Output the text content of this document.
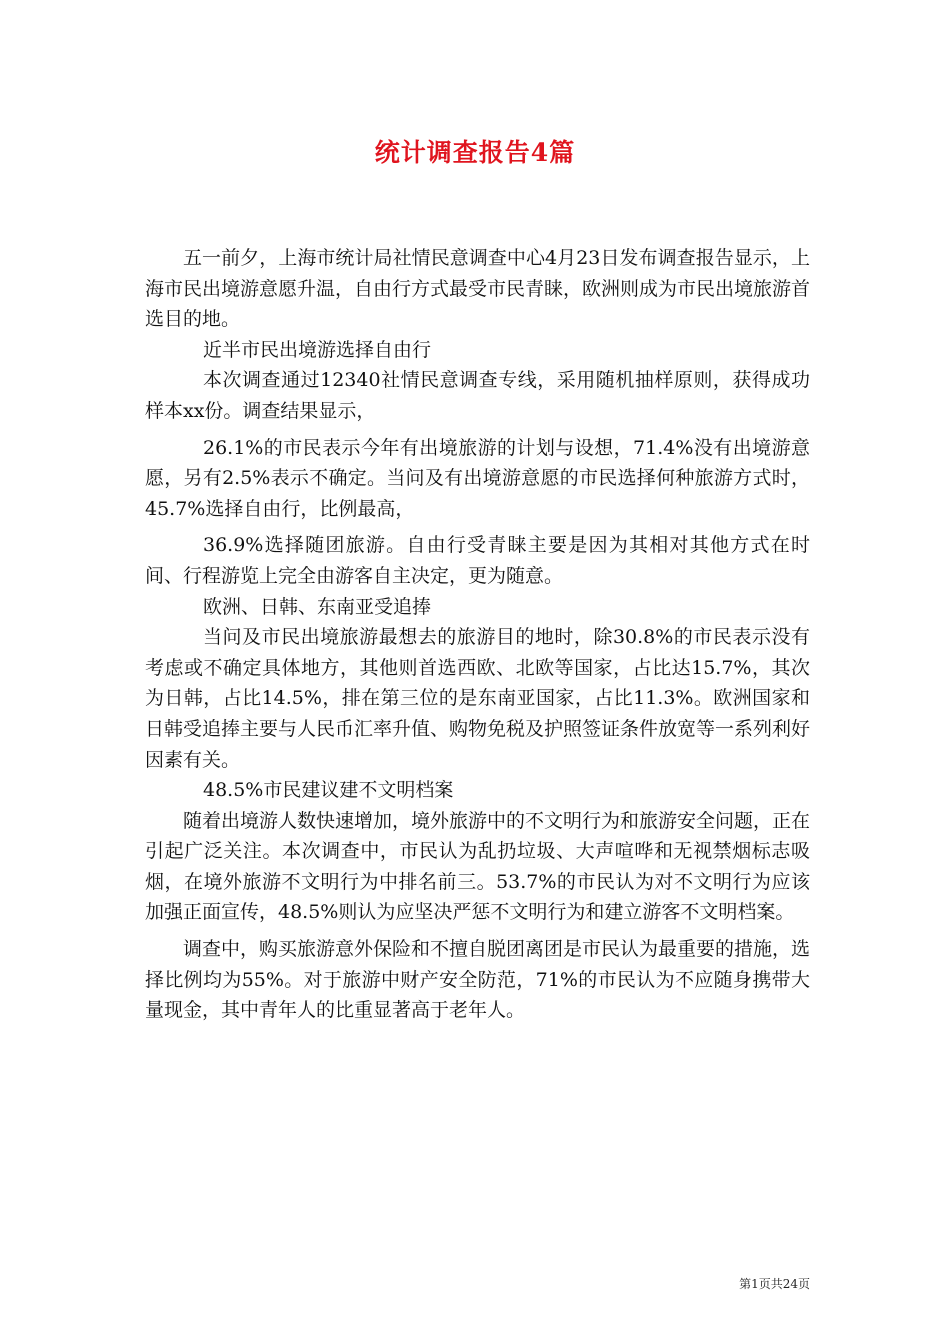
统计调查报告4篇

五一前夕，上海市统计局社情民意调查中心4月23日发布调查报告显示，上海市民出境游意愿升温，自由行方式最受市民青睐，欧洲则成为市民出境旅游首选目的地。

近半市民出境游选择自由行

本次调查通过12340社情民意调查专线，采用随机抽样原则，获得成功样本xx份。调查结果显示，

26.1%的市民表示今年有出境旅游的计划与设想，71.4%没有出境游意愿，另有2.5%表示不确定。当问及有出境游意愿的市民选择何种旅游方式时，45.7%选择自由行，比例最高，

36.9%选择随团旅游。自由行受青睐主要是因为其相对其他方式在时间、行程游览上完全由游客自主决定，更为随意。

欧洲、日韩、东南亚受追捧

当问及市民出境旅游最想去的旅游目的地时，除30.8%的市民表示没有考虑或不确定具体地方，其他则首选西欧、北欧等国家，占比达15.7%，其次为日韩，占比14.5%，排在第三位的是东南亚国家，占比11.3%。欧洲国家和日韩受追捧主要与人民币汇率升值、购物免税及护照签证条件放宽等一系列利好因素有关。

48.5%市民建议建不文明档案

随着出境游人数快速增加，境外旅游中的不文明行为和旅游安全问题，正在引起广泛关注。本次调查中，市民认为乱扔垃圾、大声喧哗和无视禁烟标志吸烟，在境外旅游不文明行为中排名前三。53.7%的市民认为对不文明行为应该加强正面宣传，48.5%则认为应坚决严惩不文明行为和建立游客不文明档案。

调查中，购买旅游意外保险和不擅自脱团离团是市民认为最重要的措施，选择比例均为55%。对于旅游中财产安全防范，71%的市民认为不应随身携带大量现金，其中青年人的比重显著高于老年人。

第1页共24页
